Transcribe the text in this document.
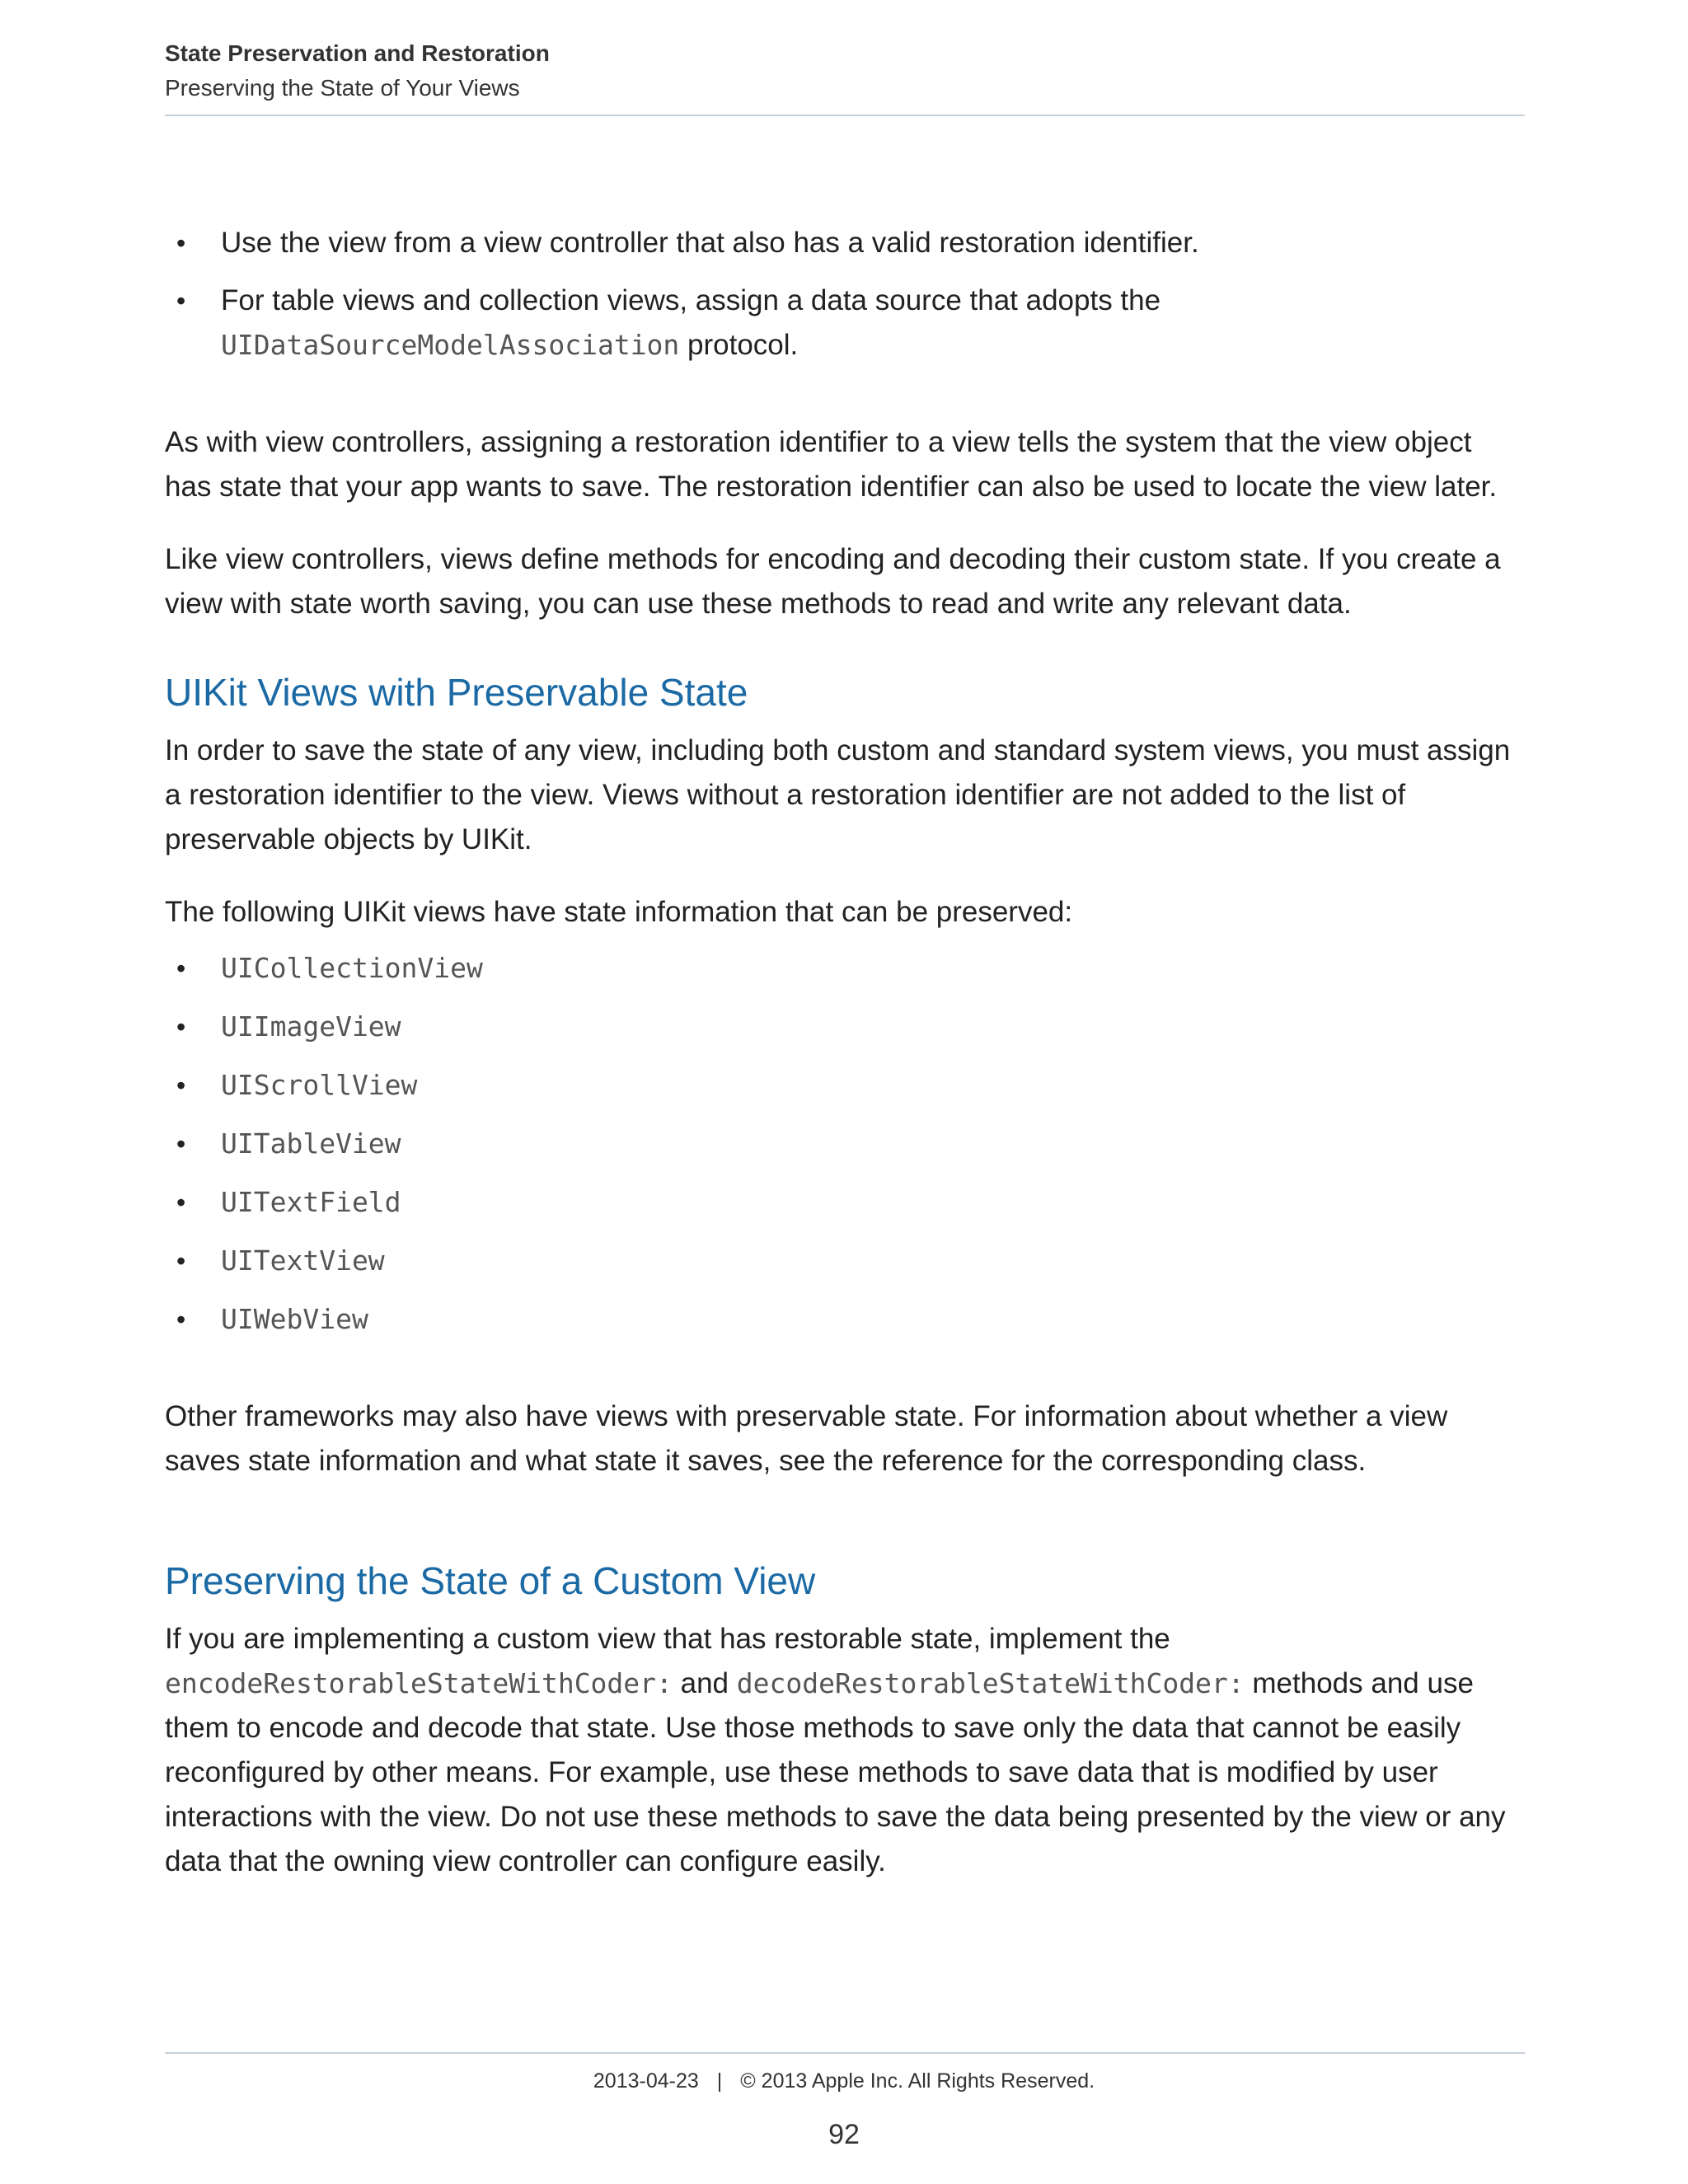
State Preservation and Restoration
Preserving the State of Your Views
• Use the view from a view controller that also has a valid restoration identifier.
• For table views and collection views, assign a data source that adopts the
UIDataSourceModelAssociation protocol.

As with view controllers, assigning a restoration identifier to a view tells the system that the view object has state that your app wants to save. The restoration identifier can also be used to locate the view later.

Like view controllers, views define methods for encoding and decoding their custom state. If you create a view with state worth saving, you can use these methods to read and write any relevant data.

UIKit Views with Preservable State

In order to save the state of any view, including both custom and standard system views, you must assign a restoration identifier to the view. Views without a restoration identifier are not added to the list of preservable objects by UIKit.

The following UIKit views have state information that can be preserved:

• UICollectionView
• UIImageView
• UIScrollView
• UITableView
• UITextField
• UITextView
• UIWebView

Other frameworks may also have views with preservable state. For information about whether a view saves state information and what state it saves, see the reference for the corresponding class.

Preserving the State of a Custom View

If you are implementing a custom view that has restorable state, implement the
encodeRestorableStateWithCoder: and decodeRestorableStateWithCoder: methods and use them to encode and decode that state. Use those methods to save only the data that cannot be easily reconfigured by other means. For example, use these methods to save data that is modified by user interactions with the view. Do not use these methods to save the data being presented by the view or any data that the owning view controller can configure easily.

2013-04-23 | © 2013 Apple Inc. All Rights Reserved.
92
